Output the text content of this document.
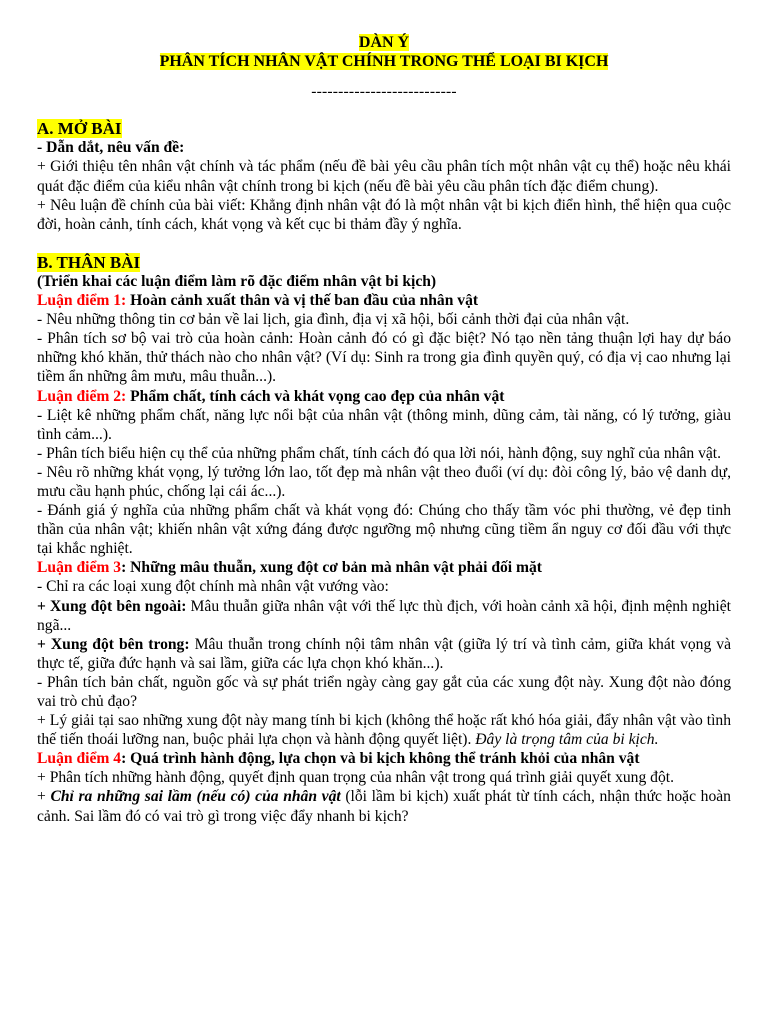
DÀN Ý
PHÂN TÍCH NHÂN VẬT CHÍNH TRONG THỂ LOẠI BI KỊCH
---------------------------
A. MỞ BÀI

- Dẫn dắt, nêu vấn đề:

+ Giới thiệu tên nhân vật chính và tác phẩm (nếu đề bài yêu cầu phân tích một nhân vật cụ thể) hoặc nêu khái quát đặc điểm của kiểu nhân vật chính trong bi kịch (nếu đề bài yêu cầu phân tích đặc điểm chung).

+ Nêu luận đề chính của bài viết: Khẳng định nhân vật đó là một nhân vật bi kịch điển hình, thể hiện qua cuộc đời, hoàn cảnh, tính cách, khát vọng và kết cục bi thảm đầy ý nghĩa.

B. THÂN BÀI

(Triển khai các luận điểm làm rõ đặc điểm nhân vật bi kịch)

Luận điểm 1: Hoàn cảnh xuất thân và vị thế ban đầu của nhân vật

- Nêu những thông tin cơ bản về lai lịch, gia đình, địa vị xã hội, bối cảnh thời đại của nhân vật.

- Phân tích sơ bộ vai trò của hoàn cảnh: Hoàn cảnh đó có gì đặc biệt? Nó tạo nền tảng thuận lợi hay dự báo những khó khăn, thử thách nào cho nhân vật? (Ví dụ: Sinh ra trong gia đình quyền quý, có địa vị cao nhưng lại tiềm ẩn những âm mưu, mâu thuẫn...).

Luận điểm 2: Phẩm chất, tính cách và khát vọng cao đẹp của nhân vật

- Liệt kê những phẩm chất, năng lực nổi bật của nhân vật (thông minh, dũng cảm, tài năng, có lý tưởng, giàu tình cảm...).

- Phân tích biểu hiện cụ thể của những phẩm chất, tính cách đó qua lời nói, hành động, suy nghĩ của nhân vật.

- Nêu rõ những khát vọng, lý tưởng lớn lao, tốt đẹp mà nhân vật theo đuổi (ví dụ: đòi công lý, bảo vệ danh dự, mưu cầu hạnh phúc, chống lại cái ác...).

- Đánh giá ý nghĩa của những phẩm chất và khát vọng đó: Chúng cho thấy tầm vóc phi thường, vẻ đẹp tinh thần của nhân vật; khiến nhân vật xứng đáng được ngưỡng mộ nhưng cũng tiềm ẩn nguy cơ đối đầu với thực tại khắc nghiệt.

Luận điểm 3: Những mâu thuẫn, xung đột cơ bản mà nhân vật phải đối mặt

- Chỉ ra các loại xung đột chính mà nhân vật vướng vào:

+ Xung đột bên ngoài: Mâu thuẫn giữa nhân vật với thế lực thù địch, với hoàn cảnh xã hội, định mệnh nghiệt ngã...

+ Xung đột bên trong: Mâu thuẫn trong chính nội tâm nhân vật (giữa lý trí và tình cảm, giữa khát vọng và thực tế, giữa đức hạnh và sai lầm, giữa các lựa chọn khó khăn...).

- Phân tích bản chất, nguồn gốc và sự phát triển ngày càng gay gắt của các xung đột này. Xung đột nào đóng vai trò chủ đạo?

+ Lý giải tại sao những xung đột này mang tính bi kịch (không thể hoặc rất khó hóa giải, đẩy nhân vật vào tình thế tiến thoái lưỡng nan, buộc phải lựa chọn và hành động quyết liệt). Đây là trọng tâm của bi kịch.

Luận điểm 4: Quá trình hành động, lựa chọn và bi kịch không thể tránh khỏi của nhân vật

+ Phân tích những hành động, quyết định quan trọng của nhân vật trong quá trình giải quyết xung đột.

+ Chỉ ra những sai lầm (nếu có) của nhân vật (lỗi lầm bi kịch) xuất phát từ tính cách, nhận thức hoặc hoàn cảnh. Sai lầm đó có vai trò gì trong việc đẩy nhanh bi kịch?
